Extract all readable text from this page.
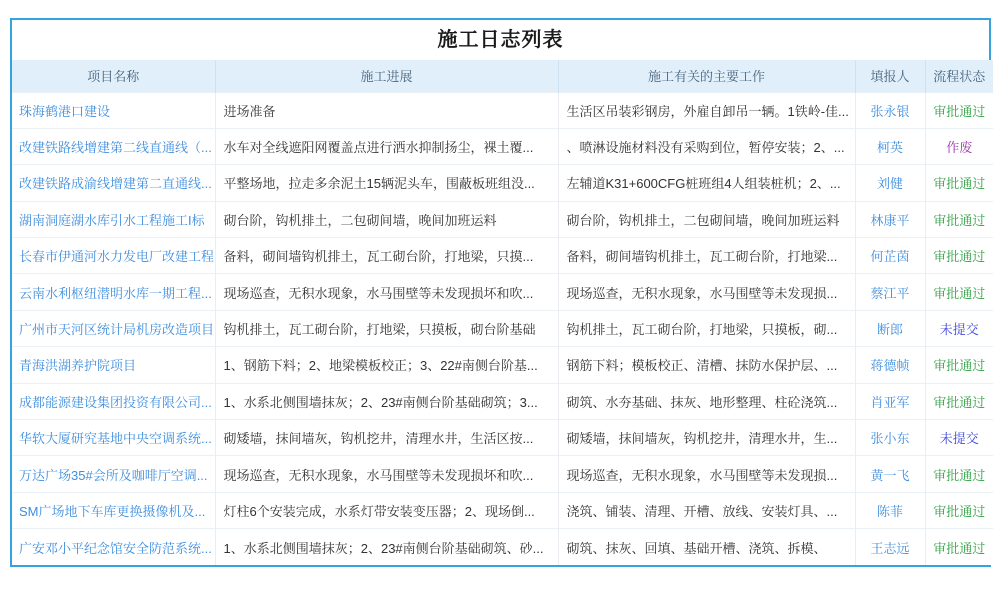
施工日志列表
项目名称	施工进展	施工有关的主要工作	填报人	流程状态
珠海鹤港口建设	进场准备	生活区吊装彩钢房，外雇自卸吊一辆。1铁岭-佳...	张永银	审批通过
改建铁路线增建第二线直通线（...	水车对全线遮阳网覆盖点进行洒水抑制扬尘，裸土覆...	、喷淋设施材料没有采购到位，暂停安装；2、...	柯英	作废
改建铁路成渝线增建第二直通线...	平整场地，拉走多余泥土15辆泥头车，围蔽板班组没...	左辅道K31+600CFG桩班组4人组装桩机；2、...	刘健	审批通过
湖南洞庭湖水库引水工程施工I标	砌台阶，钩机排土，二包砌间墙，晚间加班运料	砌台阶，钩机排土，二包砌间墙，晚间加班运料	林康平	审批通过
长春市伊通河水力发电厂改建工程	备料，砌间墙钩机排土，瓦工砌台阶，打地梁，只摸...	备料，砌间墙钩机排土，瓦工砌台阶，打地梁...	何芷茵	审批通过
云南水利枢纽潜明水库一期工程...	现场巡查，无积水现象，水马围壁等未发现损坏和吹...	现场巡查，无积水现象，水马围壁等未发现损...	蔡江平	审批通过
广州市天河区统计局机房改造项目	钩机排土，瓦工砌台阶，打地梁，只摸板，砌台阶基础	钩机排土，瓦工砌台阶，打地梁，只摸板，砌...	断郎	未提交
青海洪湖养护院项目	1、钢筋下料；2、地梁模板校正；3、22#南侧台阶基...	钢筋下料；模板校正、清槽、抹防水保护层、...	蒋德帧	审批通过
成都能源建设集团投资有限公司...	1、水系北侧围墙抹灰；2、23#南侧台阶基础砌筑；3...	砌筑、水夯基础、抹灰、地形整理、柱砼浇筑...	肖亚军	审批通过
华软大厦研究基地中央空调系统...	砌矮墙，抹间墙灰，钩机挖井，清理水井，生活区按...	砌矮墙，抹间墙灰，钩机挖井，清理水井，生...	张小东	未提交
万达广场35#会所及咖啡厅空调...	现场巡查，无积水现象，水马围壁等未发现损坏和吹...	现场巡查，无积水现象，水马围壁等未发现损...	黄一飞	审批通过
SM广场地下车库更换摄像机及...	灯柱6个安装完成，水系灯带安装变压器；2、现场倒...	浇筑、铺装、清理、开槽、放线、安装灯具、...	陈菲	审批通过
广安邓小平纪念馆安全防范系统...	1、水系北侧围墙抹灰；2、23#南侧台阶基础砌筑、砂...	砌筑、抹灰、回填、基础开槽、浇筑、拆模、	王志远	审批通过
